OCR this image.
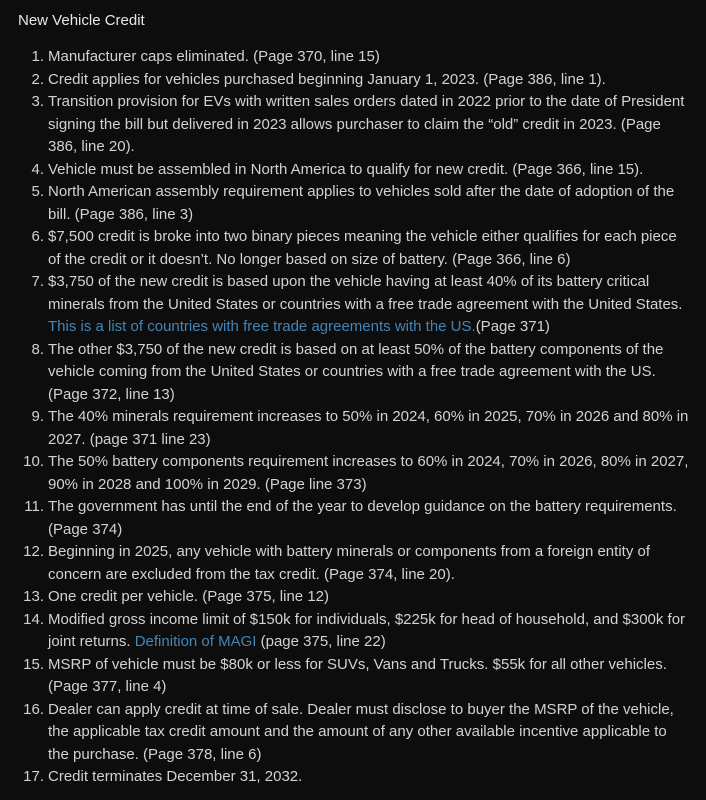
New Vehicle Credit
1. Manufacturer caps eliminated. (Page 370, line 15)
2. Credit applies for vehicles purchased beginning January 1, 2023. (Page 386, line 1).
3. Transition provision for EVs with written sales orders dated in 2022 prior to the date of President signing the bill but delivered in 2023 allows purchaser to claim the “old” credit in 2023. (Page 386, line 20).
4. Vehicle must be assembled in North America to qualify for new credit. (Page 366, line 15).
5. North American assembly requirement applies to vehicles sold after the date of adoption of the bill. (Page 386, line 3)
6. $7,500 credit is broke into two binary pieces meaning the vehicle either qualifies for each piece of the credit or it doesn’t. No longer based on size of battery. (Page 366, line 6)
7. $3,750 of the new credit is based upon the vehicle having at least 40% of its battery critical minerals from the United States or countries with a free trade agreement with the United States. This is a list of countries with free trade agreements with the US.(Page 371)
8. The other $3,750 of the new credit is based on at least 50% of the battery components of the vehicle coming from the United States or countries with a free trade agreement with the US. (Page 372, line 13)
9. The 40% minerals requirement increases to 50% in 2024, 60% in 2025, 70% in 2026 and 80% in 2027. (page 371 line 23)
10. The 50% battery components requirement increases to 60% in 2024, 70% in 2026, 80% in 2027, 90% in 2028 and 100% in 2029. (Page line 373)
11. The government has until the end of the year to develop guidance on the battery requirements. (Page 374)
12. Beginning in 2025, any vehicle with battery minerals or components from a foreign entity of concern are excluded from the tax credit. (Page 374, line 20).
13. One credit per vehicle. (Page 375, line 12)
14. Modified gross income limit of $150k for individuals, $225k for head of household, and $300k for joint returns. Definition of MAGI (page 375, line 22)
15. MSRP of vehicle must be $80k or less for SUVs, Vans and Trucks. $55k for all other vehicles. (Page 377, line 4)
16. Dealer can apply credit at time of sale. Dealer must disclose to buyer the MSRP of the vehicle, the applicable tax credit amount and the amount of any other available incentive applicable to the purchase. (Page 378, line 6)
17. Credit terminates December 31, 2032.
